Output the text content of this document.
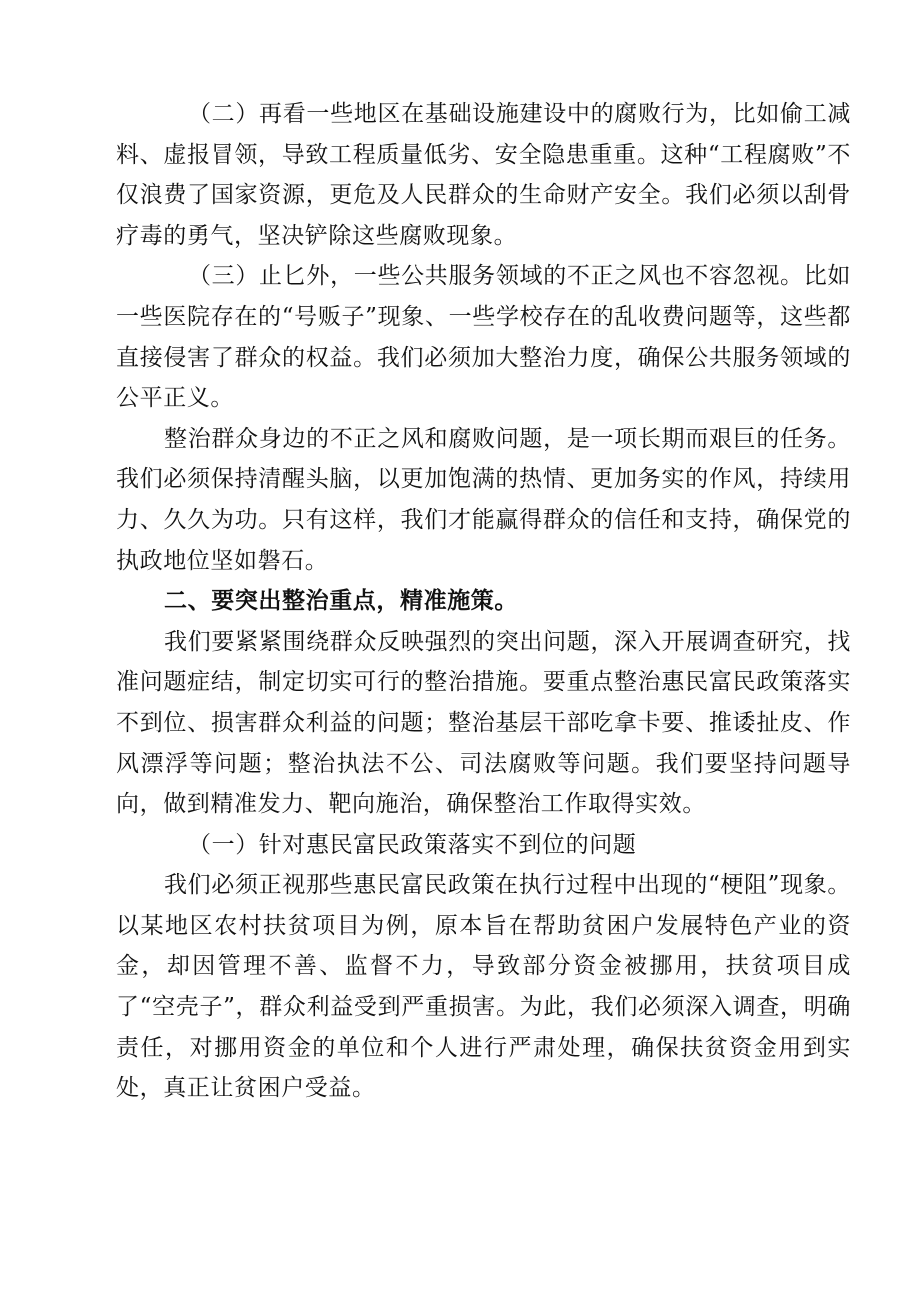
（二）再看一些地区在基础设施建设中的腐败行为，比如偷工减料、虚报冒领，导致工程质量低劣、安全隐患重重。这种“工程腐败”不仅浪费了国家资源，更危及人民群众的生命财产安全。我们必须以刮骨疗毒的勇气，坚决铲除这些腐败现象。

（三）止匕外，一些公共服务领域的不正之风也不容忽视。比如一些医院存在的“号贩子”现象、一些学校存在的乱收费问题等，这些都直接侵害了群众的权益。我们必须加大整治力度，确保公共服务领域的公平正义。

整治群众身边的不正之风和腐败问题，是一项长期而艰巨的任务。我们必须保持清醒头脑，以更加饱满的热情、更加务实的作风，持续用力、久久为功。只有这样，我们才能赢得群众的信任和支持，确保党的执政地位坚如磐石。

二、要突出整治重点，精准施策。

我们要紧紧围绕群众反映强烈的突出问题，深入开展调查研究，找准问题症结，制定切实可行的整治措施。要重点整治惠民富民政策落实不到位、损害群众利益的问题；整治基层干部吃拿卡要、推诿扯皮、作风漂浮等问题；整治执法不公、司法腐败等问题。我们要坚持问题导向，做到精准发力、靶向施治，确保整治工作取得实效。

（一）针对惠民富民政策落实不到位的问题

我们必须正视那些惠民富民政策在执行过程中出现的“梗阻”现象。以某地区农村扶贫项目为例，原本旨在帮助贫困户发展特色产业的资金，却因管理不善、监督不力，导致部分资金被挪用，扶贫项目成了“空壳子”，群众利益受到严重损害。为此，我们必须深入调查，明确责任，对挪用资金的单位和个人进行严肃处理，确保扶贫资金用到实处，真正让贫困户受益。
